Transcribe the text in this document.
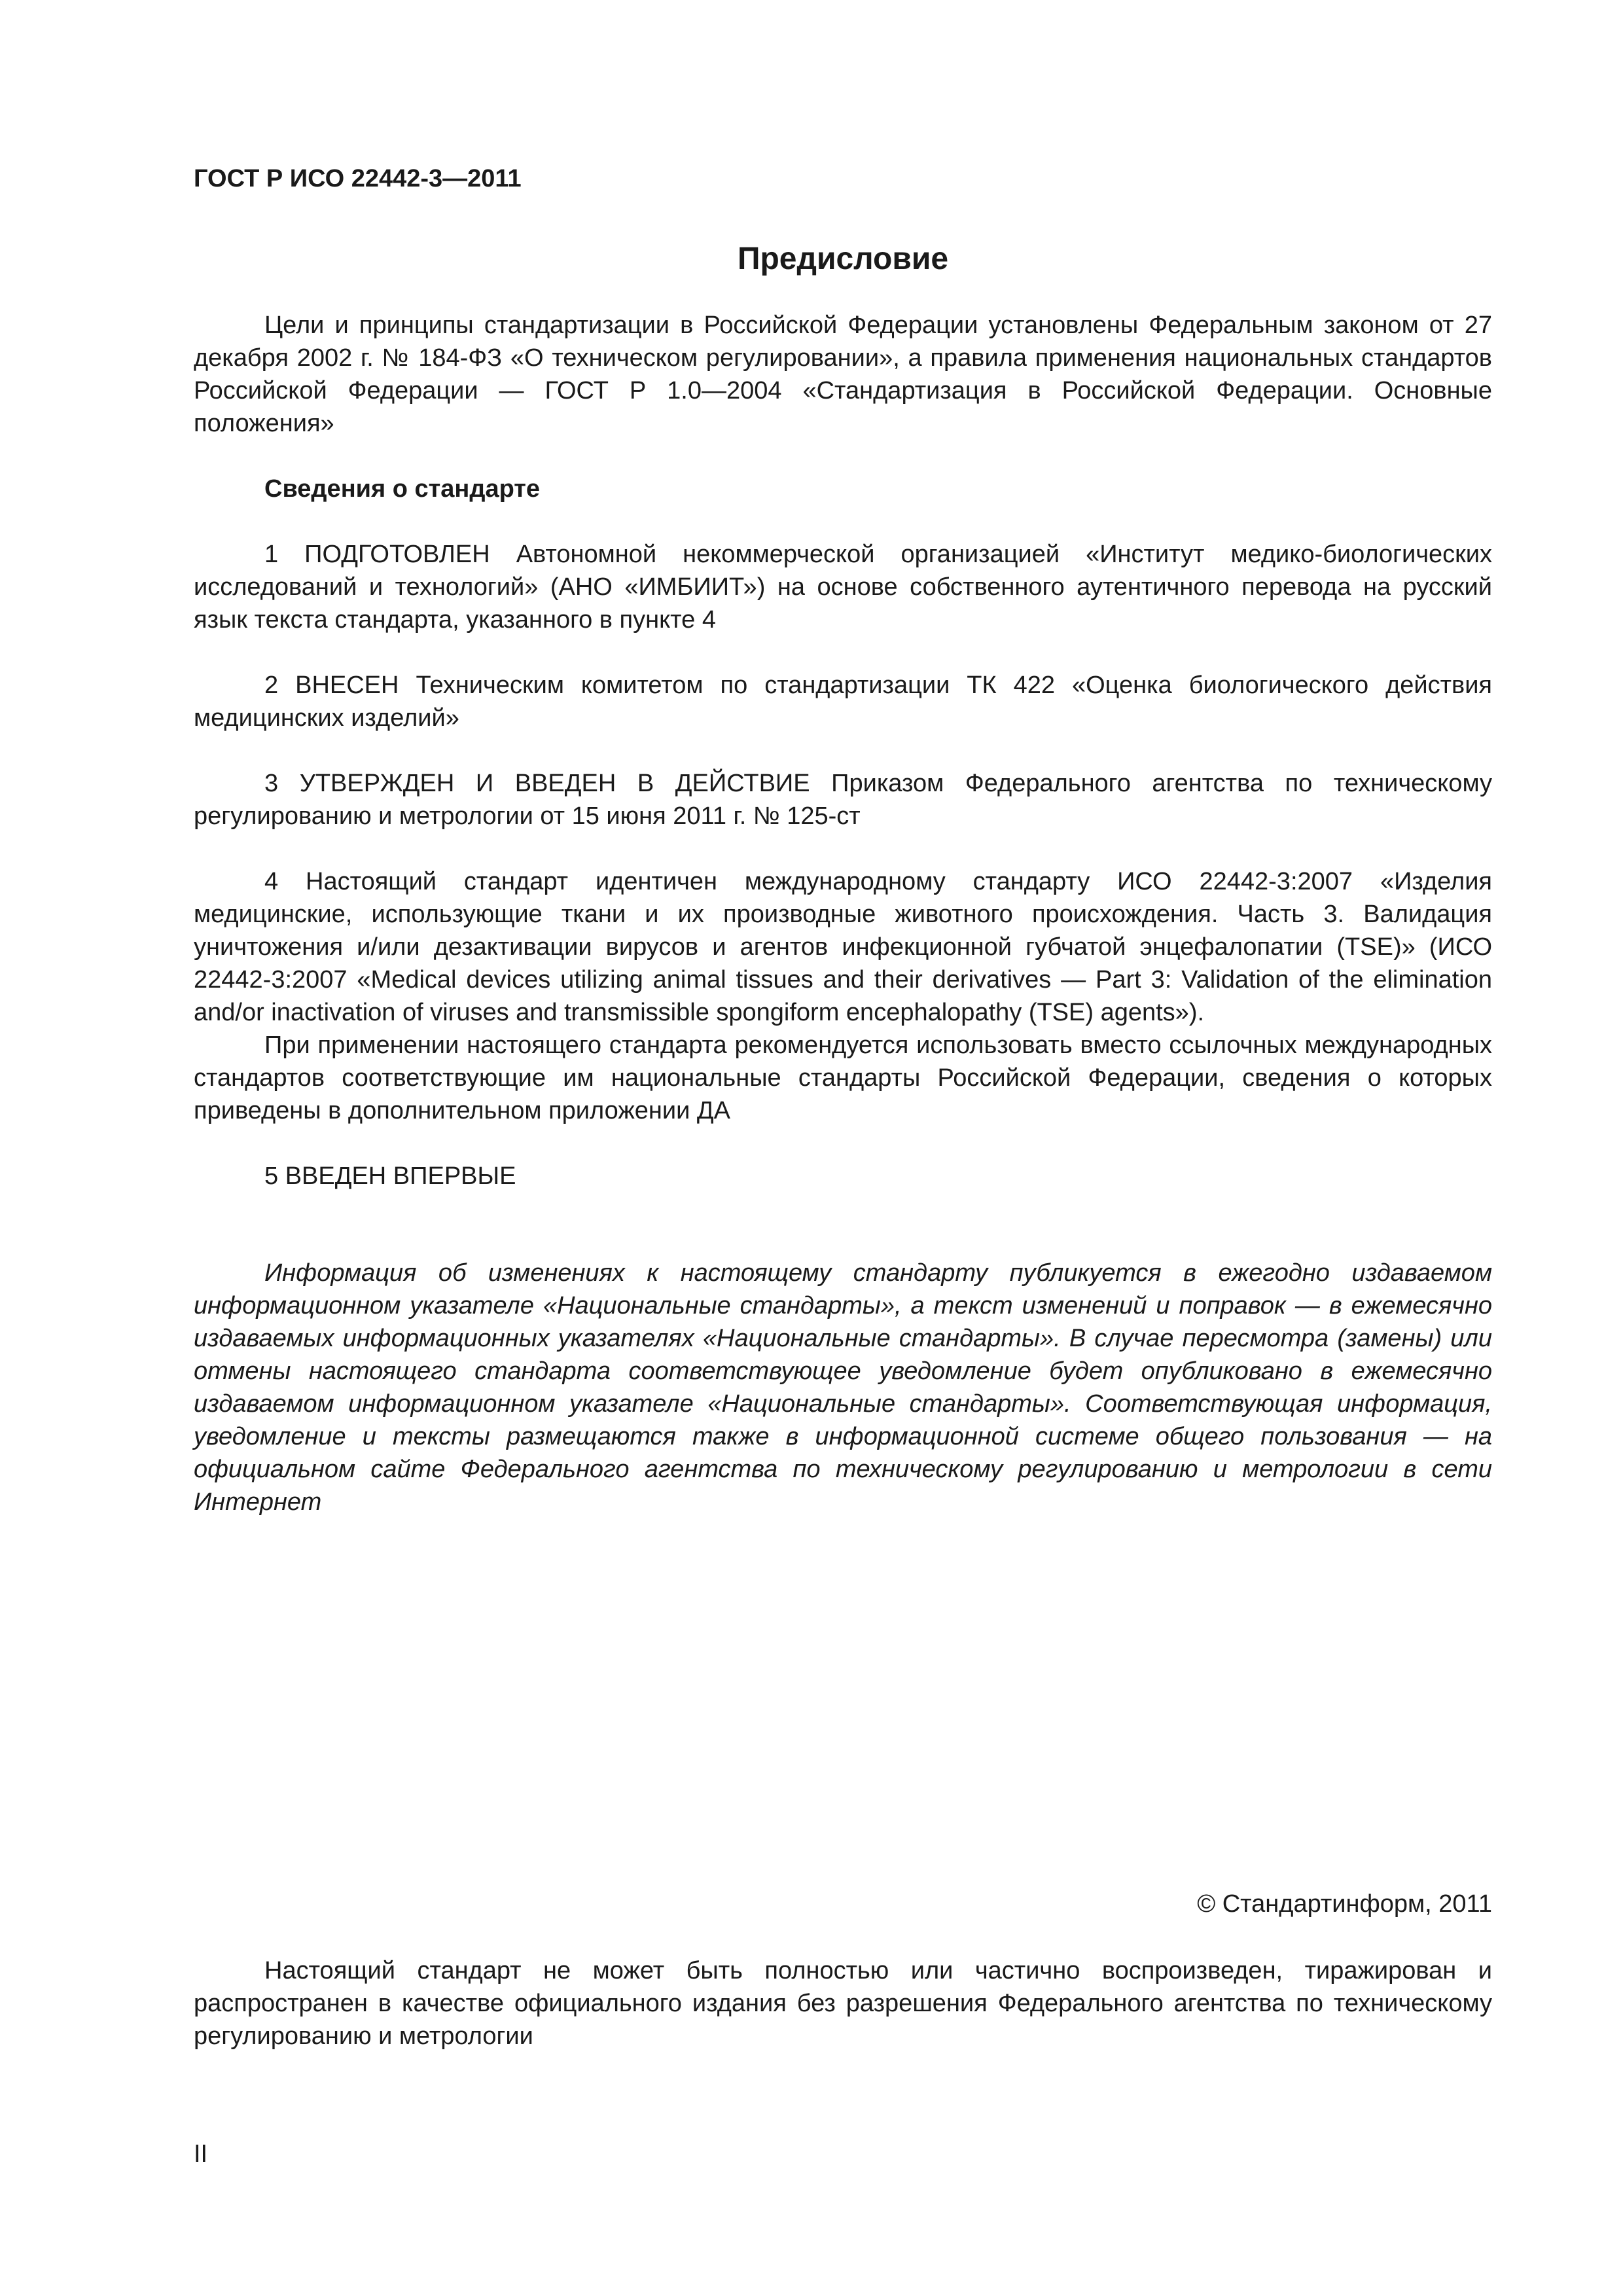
ГОСТ Р ИСО 22442-3—2011
Предисловие

Цели и принципы стандартизации в Российской Федерации установлены Федеральным законом от 27 декабря 2002 г. № 184-ФЗ «О техническом регулировании», а правила применения национальных стандартов Российской Федерации — ГОСТ Р 1.0—2004 «Стандартизация в Российской Федерации. Основные положения»

Сведения о стандарте

1 ПОДГОТОВЛЕН Автономной некоммерческой организацией «Институт медико-биологических исследований и технологий» (АНО «ИМБИИТ») на основе собственного аутентичного перевода на русский язык текста стандарта, указанного в пункте 4

2 ВНЕСЕН Техническим комитетом по стандартизации ТК 422 «Оценка биологического действия медицинских изделий»

3 УТВЕРЖДЕН И ВВЕДЕН В ДЕЙСТВИЕ Приказом Федерального агентства по техническому регулированию и метрологии от 15 июня 2011 г. № 125-ст

4 Настоящий стандарт идентичен международному стандарту ИСО 22442-3:2007 «Изделия медицинские, использующие ткани и их производные животного происхождения. Часть 3. Валидация уничтожения и/или дезактивации вирусов и агентов инфекционной губчатой энцефалопатии (TSE)» (ИСО 22442-3:2007 «Medical devices utilizing animal tissues and their derivatives — Part 3: Validation of the elimination and/or inactivation of viruses and transmissible spongiform encephalopathy (TSE) agents»).

При применении настоящего стандарта рекомендуется использовать вместо ссылочных международных стандартов соответствующие им национальные стандарты Российской Федерации, сведения о которых приведены в дополнительном приложении ДА

5 ВВЕДЕН ВПЕРВЫЕ

Информация об изменениях к настоящему стандарту публикуется в ежегодно издаваемом информационном указателе «Национальные стандарты», а текст изменений и поправок — в ежемесячно издаваемых информационных указателях «Национальные стандарты». В случае пересмотра (замены) или отмены настоящего стандарта соответствующее уведомление будет опубликовано в ежемесячно издаваемом информационном указателе «Национальные стандарты». Соответствующая информация, уведомление и тексты размещаются также в информационной системе общего пользования — на официальном сайте Федерального агентства по техническому регулированию и метрологии в сети Интернет

© Стандартинформ, 2011

Настоящий стандарт не может быть полностью или частично воспроизведен, тиражирован и распространен в качестве официального издания без разрешения Федерального агентства по техническому регулированию и метрологии

II
